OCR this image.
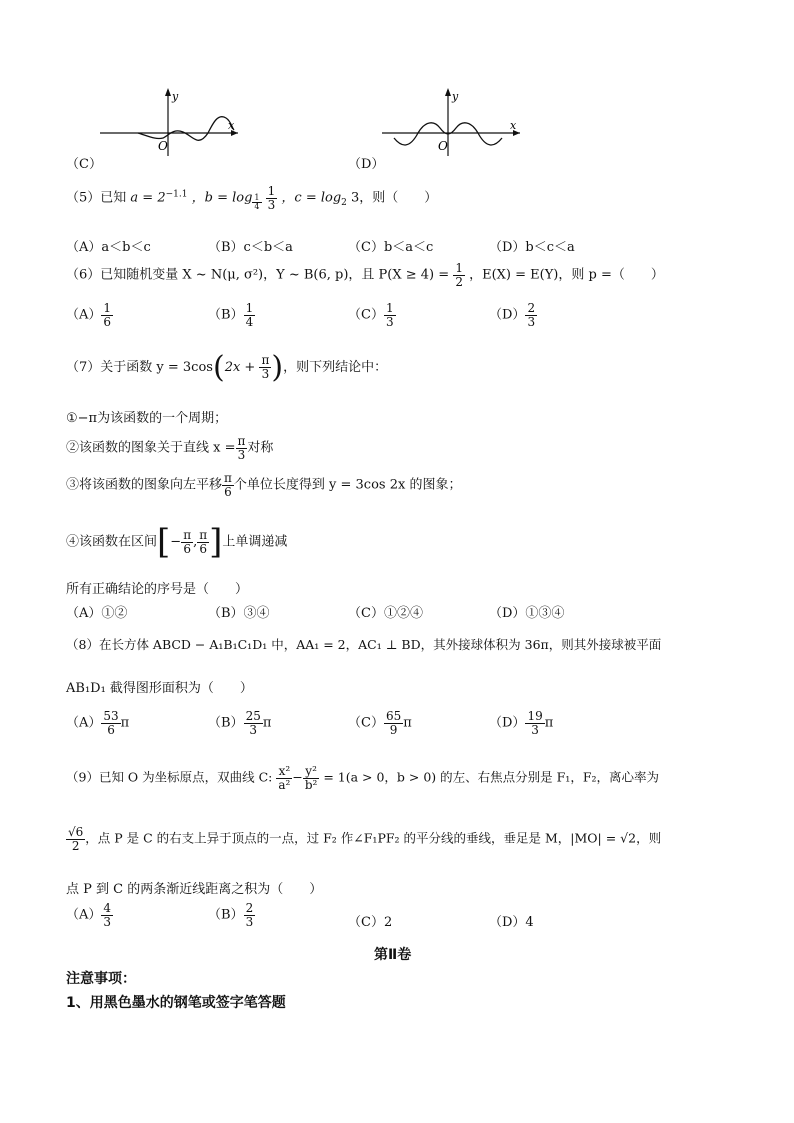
y
x
O
（C）
y
x
O
（D）
（5）已知 $a = 2^{-1.1}$ ，b = log $_{\frac{1}{4}}$
$\frac{1}{3}$ ，$c = \log_2 3$，则（　　）
（A）a＜b＜c	（B）c＜b＜a	（C）b＜a＜c	（D）b＜c＜a
（6）已知随机变量 X ~ N(μ, σ²)，Y ~ B(6, p)，且 $P(X \ge 4) = \frac{1}{2}$ ，E(X) = E(Y)，则 p =（　　）
$(A) \frac{1}{6}$	$(B) \frac{1}{4}$	$(C) \frac{1}{3}$	$(D) \frac{2}{3}$
（7）关于函数 $y = 3\cos(2x + \frac{\pi}{3}$ )，则下列结论中：
①−π为该函数的一个周期；
②该函数的图象关于直线 $x = \frac{\pi}{3}$ 对称
③将该函数的图象向左平移 $\frac{\pi}{6}$ 个单位长度得到 y = 3cos 2x 的图象；
④该函数在区间[− $\frac{\pi}{6}$ , $\frac{\pi}{6}$ ]上单调递减
所有正确结论的序号是（　　）
（A）①②	（B）③④	（C）①②④	（D）①③④
（8）在长方体 ABCD − A₁B₁C₁D₁ 中，AA₁ = 2，AC₁ ⊥ BD，其外接球体积为 36π，则其外接球被平面
AB₁D₁ 截得图形面积为（　　）
$(A) \frac{53}{6}$ π	$(B) \frac{25}{3}$ π	$(C) \frac{65}{9}$ π	$(D) \frac{19}{3}$ π
（9）已知 O 为坐标原点，双曲线 C: $\frac{\text{x²}}{\text{a²}} - \frac{\text{y²}}{\text{b²}} = 1(a > 0$，b > 0) 的左、右焦点分别是 F₁，F₂，离心率为
$\frac{√6}{2}$ ，点 P 是 C 的右支上异于顶点的一点，过 F₂ 作∠F₁PF₂ 的平分线的垂线，垂足是 M，|MO| = √2，则
点 P 到 C 的两条渐近线距离之积为（　　）
$(A) \frac{4}{3}$	$(B) \frac{2}{3}$	（C）2	（D）4
第Ⅱ卷
注意事项：
1、用黑色墨水的钢笔或签字笔答题
